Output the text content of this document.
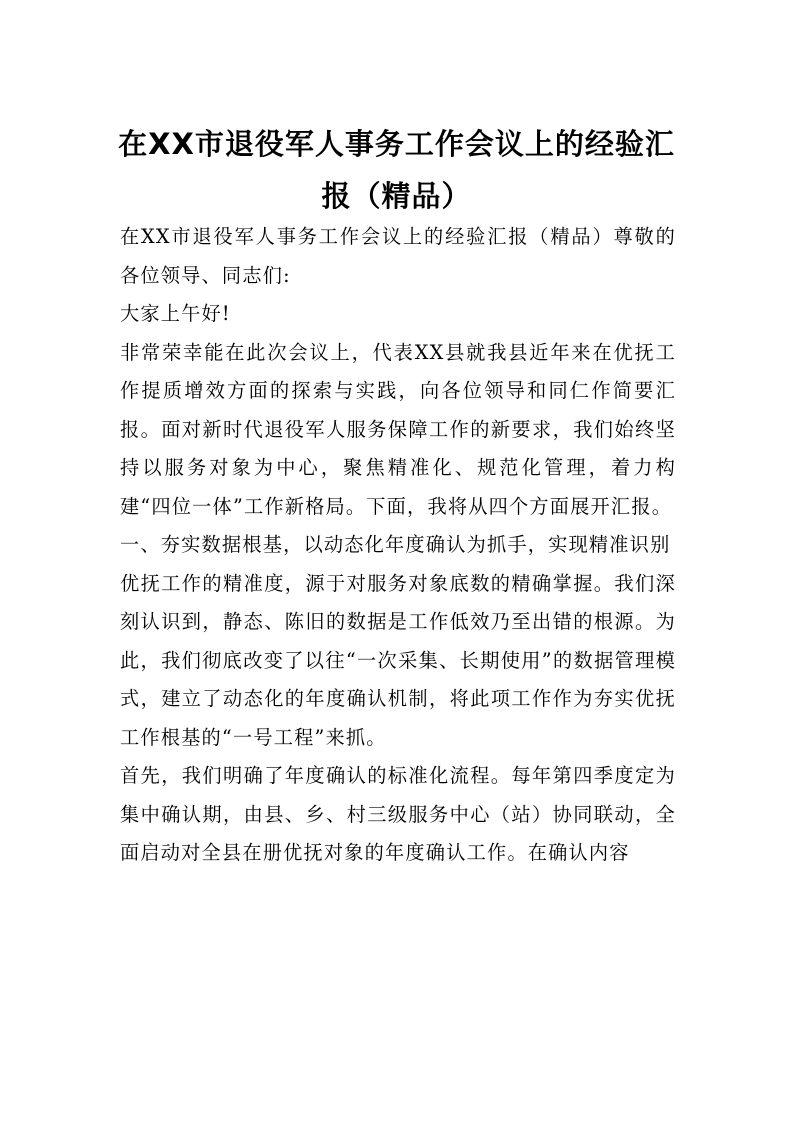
在XX市退役军人事务工作会议上的经验汇报（精品）

在XX市退役军人事务工作会议上的经验汇报（精品）尊敬的各位领导、同志们:

大家上午好!

非常荣幸能在此次会议上，代表XX县就我县近年来在优抚工作提质增效方面的探索与实践，向各位领导和同仁作简要汇报。面对新时代退役军人服务保障工作的新要求，我们始终坚持以服务对象为中心，聚焦精准化、规范化管理，着力构建“四位一体”工作新格局。下面，我将从四个方面展开汇报。

一、夯实数据根基，以动态化年度确认为抓手，实现精准识别

优抚工作的精准度，源于对服务对象底数的精确掌握。我们深刻认识到，静态、陈旧的数据是工作低效乃至出错的根源。为此，我们彻底改变了以往“一次采集、长期使用”的数据管理模式，建立了动态化的年度确认机制，将此项工作作为夯实优抚工作根基的“一号工程”来抓。

首先，我们明确了年度确认的标准化流程。每年第四季度定为集中确认期，由县、乡、村三级服务中心（站）协同联动，全面启动对全县在册优抚对象的年度确认工作。在确认内容
